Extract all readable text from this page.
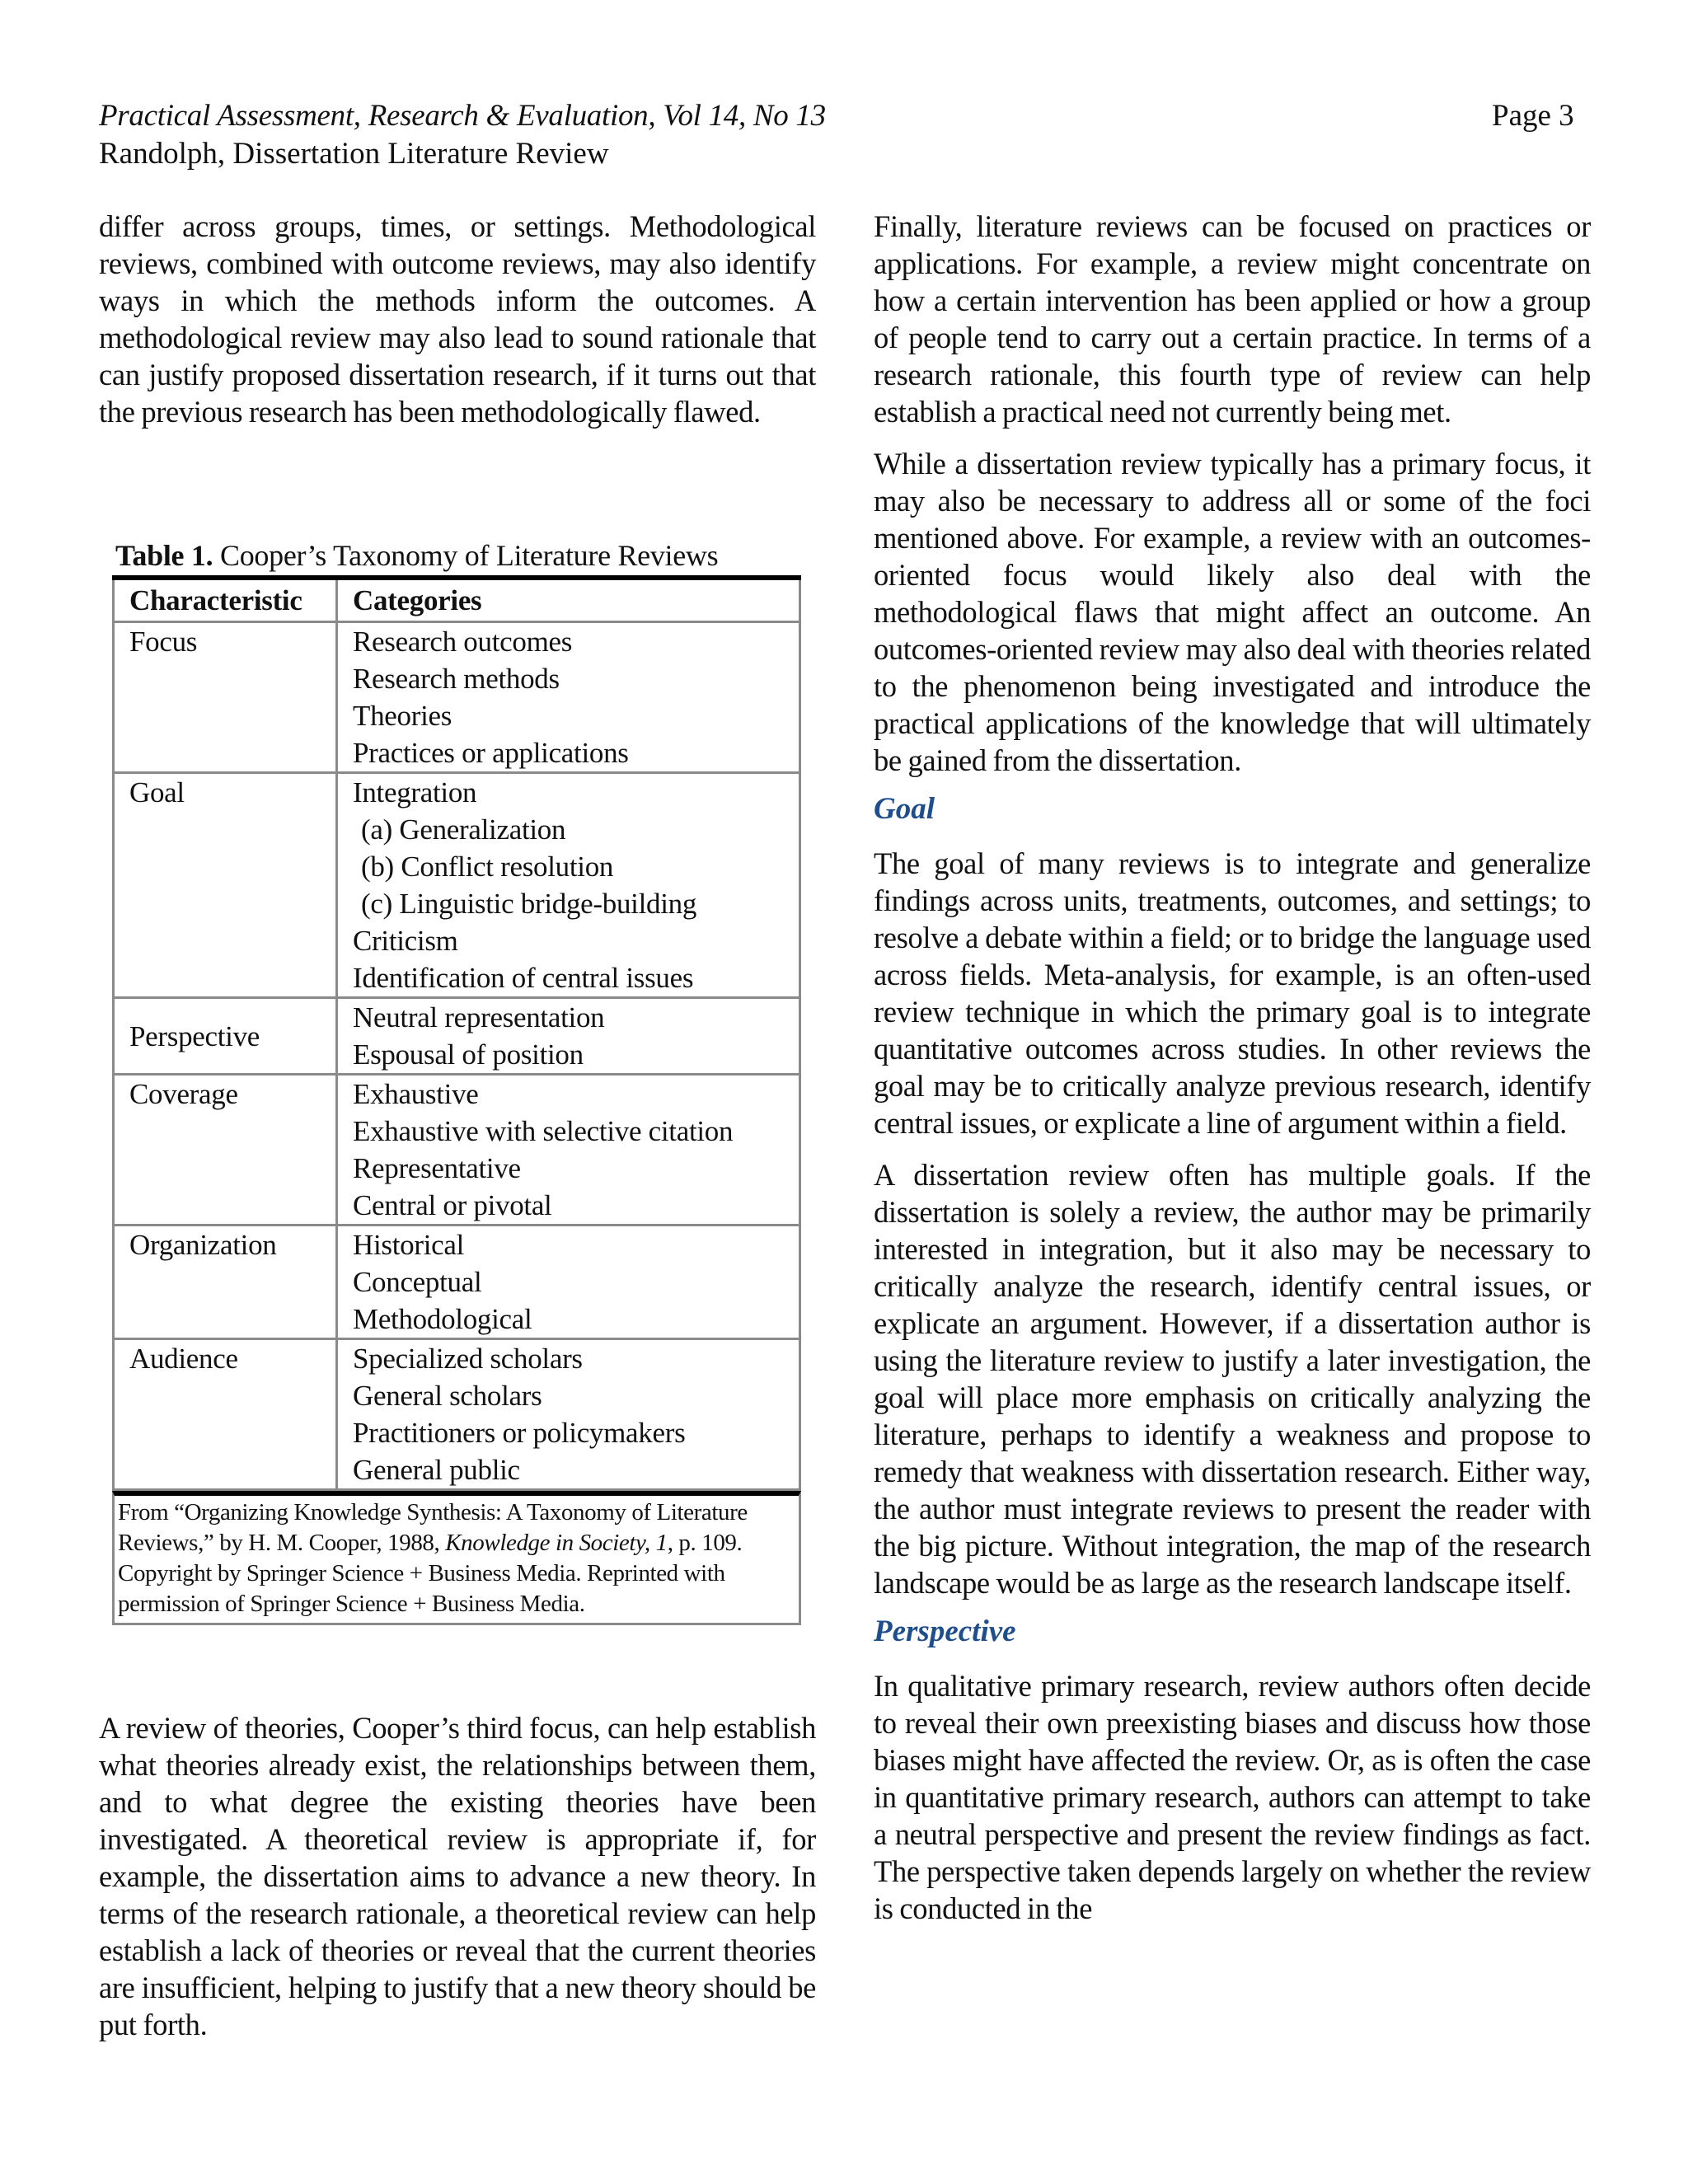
Practical Assessment, Research & Evaluation, Vol 14, No 13
Randolph, Dissertation Literature Review
Page 3

differ across groups, times, or settings. Methodological reviews, combined with outcome reviews, may also identify ways in which the methods inform the outcomes. A methodological review may also lead to sound rationale that can justify proposed dissertation research, if it turns out that the previous research has been methodologically flawed.

Table 1. Cooper’s Taxonomy of Literature Reviews
Characteristic	Categories
Focus	Research outcomes
Research methods
Theories
Practices or applications

Goal	Integration
(a) Generalization
(b) Conflict resolution
(c) Linguistic bridge-building
Criticism
Identification of central issues

Perspective	Neutral representation
Espousal of position

Coverage	Exhaustive
Exhaustive with selective citation
Representative
Central or pivotal

Organization	Historical
Conceptual
Methodological

Audience	Specialized scholars
General scholars
Practitioners or policymakers
General public
From “Organizing Knowledge Synthesis: A Taxonomy of Literature Reviews,” by H. M. Cooper, 1988, Knowledge in Society, 1, p. 109. Copyright by Springer Science + Business Media. Reprinted with permission of Springer Science + Business Media.

A review of theories, Cooper’s third focus, can help establish what theories already exist, the relationships between them, and to what degree the existing theories have been investigated. A theoretical review is appropriate if, for example, the dissertation aims to advance a new theory. In terms of the research rationale, a theoretical review can help establish a lack of theories or reveal that the current theories are insufficient, helping to justify that a new theory should be put forth.

Finally, literature reviews can be focused on practices or applications. For example, a review might concentrate on how a certain intervention has been applied or how a group of people tend to carry out a certain practice. In terms of a research rationale, this fourth type of review can help establish a practical need not currently being met.

While a dissertation review typically has a primary focus, it may also be necessary to address all or some of the foci mentioned above. For example, a review with an outcomes-oriented focus would likely also deal with the methodological flaws that might affect an outcome. An outcomes-oriented review may also deal with theories related to the phenomenon being investigated and introduce the practical applications of the knowledge that will ultimately be gained from the dissertation.

Goal

The goal of many reviews is to integrate and generalize findings across units, treatments, outcomes, and settings; to resolve a debate within a field; or to bridge the language used across fields. Meta-analysis, for example, is an often-used review technique in which the primary goal is to integrate quantitative outcomes across studies. In other reviews the goal may be to critically analyze previous research, identify central issues, or explicate a line of argument within a field.

A dissertation review often has multiple goals. If the dissertation is solely a review, the author may be primarily interested in integration, but it also may be necessary to critically analyze the research, identify central issues, or explicate an argument. However, if a dissertation author is using the literature review to justify a later investigation, the goal will place more emphasis on critically analyzing the literature, perhaps to identify a weakness and propose to remedy that weakness with dissertation research. Either way, the author must integrate reviews to present the reader with the big picture. Without integration, the map of the research landscape would be as large as the research landscape itself.

Perspective

In qualitative primary research, review authors often decide to reveal their own preexisting biases and discuss how those biases might have affected the review. Or, as is often the case in quantitative primary research, authors can attempt to take a neutral perspective and present the review findings as fact. The perspective taken depends largely on whether the review is conducted in the
